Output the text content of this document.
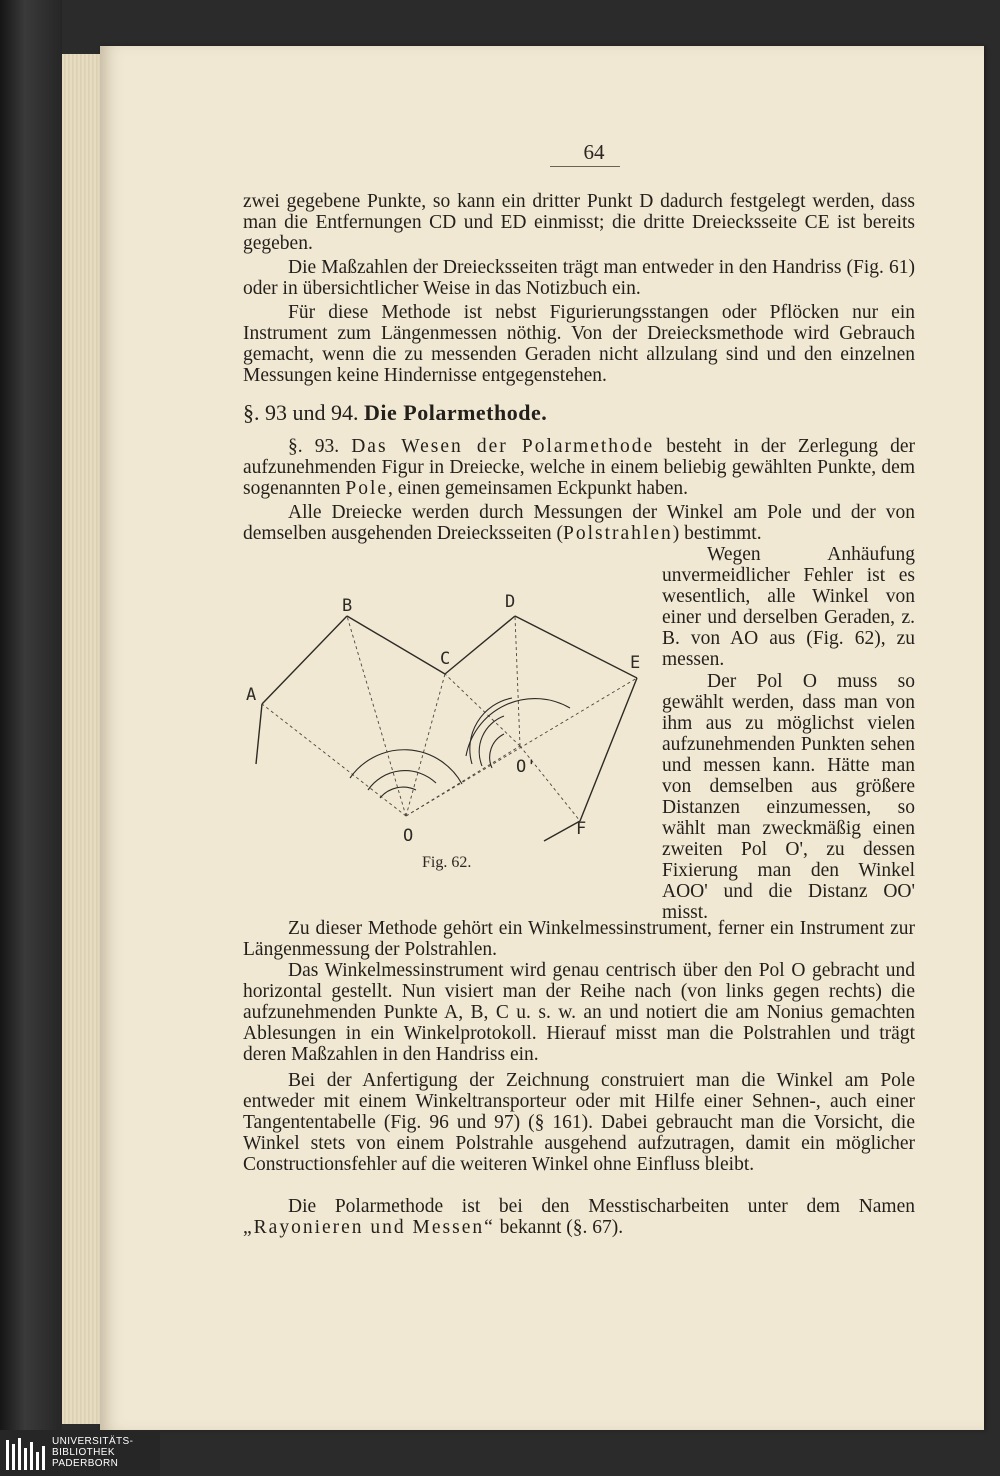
64
zwei gegebene Punkte, so kann ein dritter Punkt D dadurch festgelegt werden, dass man die Entfernungen CD und ED einmisst; die dritte Dreiecksseite CE ist bereits gegeben.
Die Maßzahlen der Dreiecksseiten trägt man entweder in den Handriss (Fig. 61) oder in übersichtlicher Weise in das Notizbuch ein.
Für diese Methode ist nebst Figurierungsstangen oder Pflöcken nur ein Instrument zum Längenmessen nöthig. Von der Dreiecksmethode wird Gebrauch gemacht, wenn die zu messenden Geraden nicht allzulang sind und den einzelnen Messungen keine Hindernisse entgegenstehen.
§. 93 und 94. Die Polarmethode.
§. 93. Das Wesen der Polarmethode besteht in der Zerlegung der aufzunehmenden Figur in Dreiecke, welche in einem beliebig gewählten Punkte, dem sogenannten Pole, einen gemeinsamen Eckpunkt haben.
Alle Dreiecke werden durch Messungen der Winkel am Pole und der von demselben ausgehenden Dreiecksseiten (Polstrahlen) bestimmt.
Wegen Anhäufung unvermeidlicher Fehler ist es wesentlich, alle Winkel von einer und derselben Geraden, z. B. von AO aus (Fig. 62), zu messen.
Der Pol O muss so gewählt werden, dass man von ihm aus zu möglichst vielen aufzunehmenden Punkten sehen und messen kann. Hätte man von demselben aus größere Distanzen einzumessen, so wählt man zweckmäßig einen zweiten Pol O', zu dessen Fixierung man den Winkel AOO' und die Distanz OO' misst.
A
B
C
D
E
F
O
O'
Fig. 62.
Zu dieser Methode gehört ein Winkelmessinstrument, ferner ein Instrument zur Längenmessung der Polstrahlen.
Das Winkelmessinstrument wird genau centrisch über den Pol O gebracht und horizontal gestellt. Nun visiert man der Reihe nach (von links gegen rechts) die aufzunehmenden Punkte A, B, C u. s. w. an und notiert die am Nonius gemachten Ablesungen in ein Winkelprotokoll. Hierauf misst man die Polstrahlen und trägt deren Maßzahlen in den Handriss ein.
Bei der Anfertigung der Zeichnung construiert man die Winkel am Pole entweder mit einem Winkeltransporteur oder mit Hilfe einer Sehnen-, auch einer Tangententabelle (Fig. 96 und 97) (§ 161). Dabei gebraucht man die Vorsicht, die Winkel stets von einem Polstrahle ausgehend aufzutragen, damit ein möglicher Constructionsfehler auf die weiteren Winkel ohne Einfluss bleibt.
Die Polarmethode ist bei den Messtischarbeiten unter dem Namen „Rayonieren und Messen“ bekannt (§. 67).
UNIVERSITÄTS-
BIBLIOTHEK
PADERBORN
